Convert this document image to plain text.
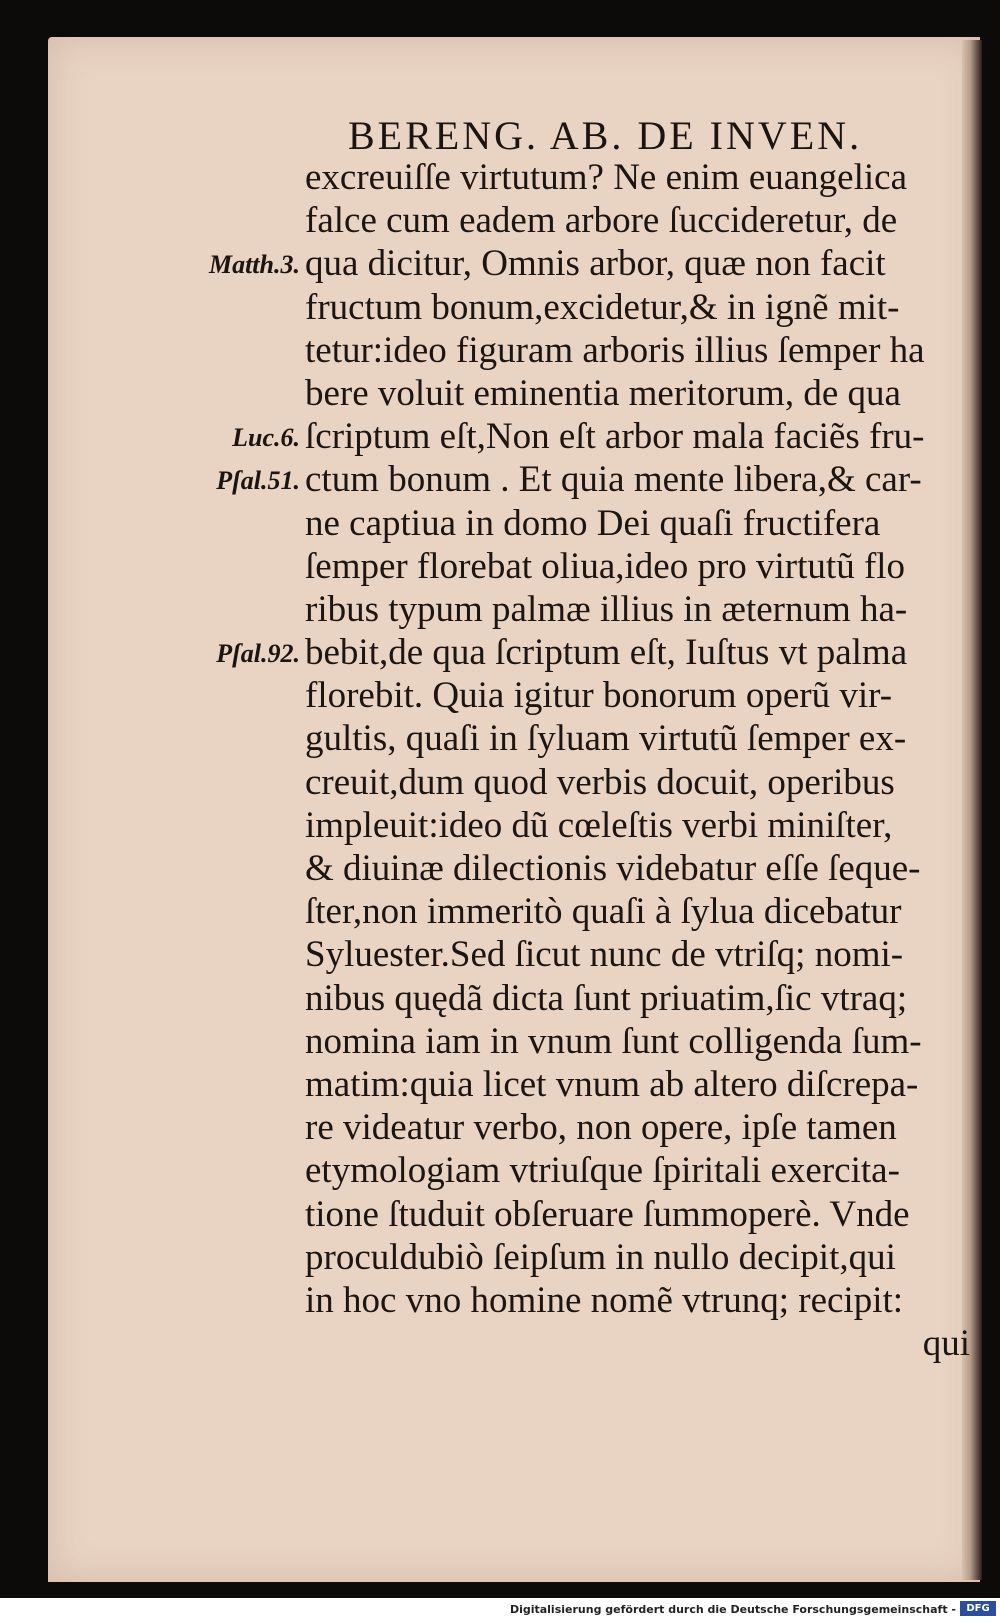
BERENG. AB. DE INVEN.
Matth.3.
Luc.6.
Pſal.51.
Pſal.92.
excreuiſſe virtutum? Ne enim euangelica
falce cum eadem arbore ſuccideretur, de
qua dicitur, Omnis arbor, quæ non facit
fructum bonum,excidetur,& in ignẽ mit-
tetur:ideo figuram arboris illius ſemper ha
bere voluit eminentia meritorum, de qua
ſcriptum eſt,Non eſt arbor mala faciẽs fru-
ctum bonum . Et quia mente libera,& car-
ne captiua in domo Dei quaſi fructifera
ſemper florebat oliua,ideo pro virtutũ flo
ribus typum palmæ illius in æternum ha-
bebit,de qua ſcriptum eſt, Iuſtus vt palma
florebit. Quia igitur bonorum operũ vir-
gultis, quaſi in ſyluam virtutũ ſemper ex-
creuit,dum quod verbis docuit, operibus
impleuit:ideo dũ cœleſtis verbi miniſter,
& diuinæ dilectionis videbatur eſſe ſeque-
ſter,non immeritò quaſi à ſylua dicebatur
Syluester.Sed ſicut nunc de vtriſq; nomi-
nibus quędã dicta ſunt priuatim,ſic vtraq;
nomina iam in vnum ſunt colligenda ſum-
matim:quia licet vnum ab altero diſcrepa-
re videatur verbo, non opere, ipſe tamen
etymologiam vtriuſque ſpiritali exercita-
tione ſtuduit obſeruare ſummoperè. Vnde
proculdubiò ſeipſum in nullo decipit,qui
in hoc vno homine nomẽ vtrunq; recipit:
qui
Digitalisierung gefördert durch die Deutsche Forschungsgemeinschaft -	DFG
